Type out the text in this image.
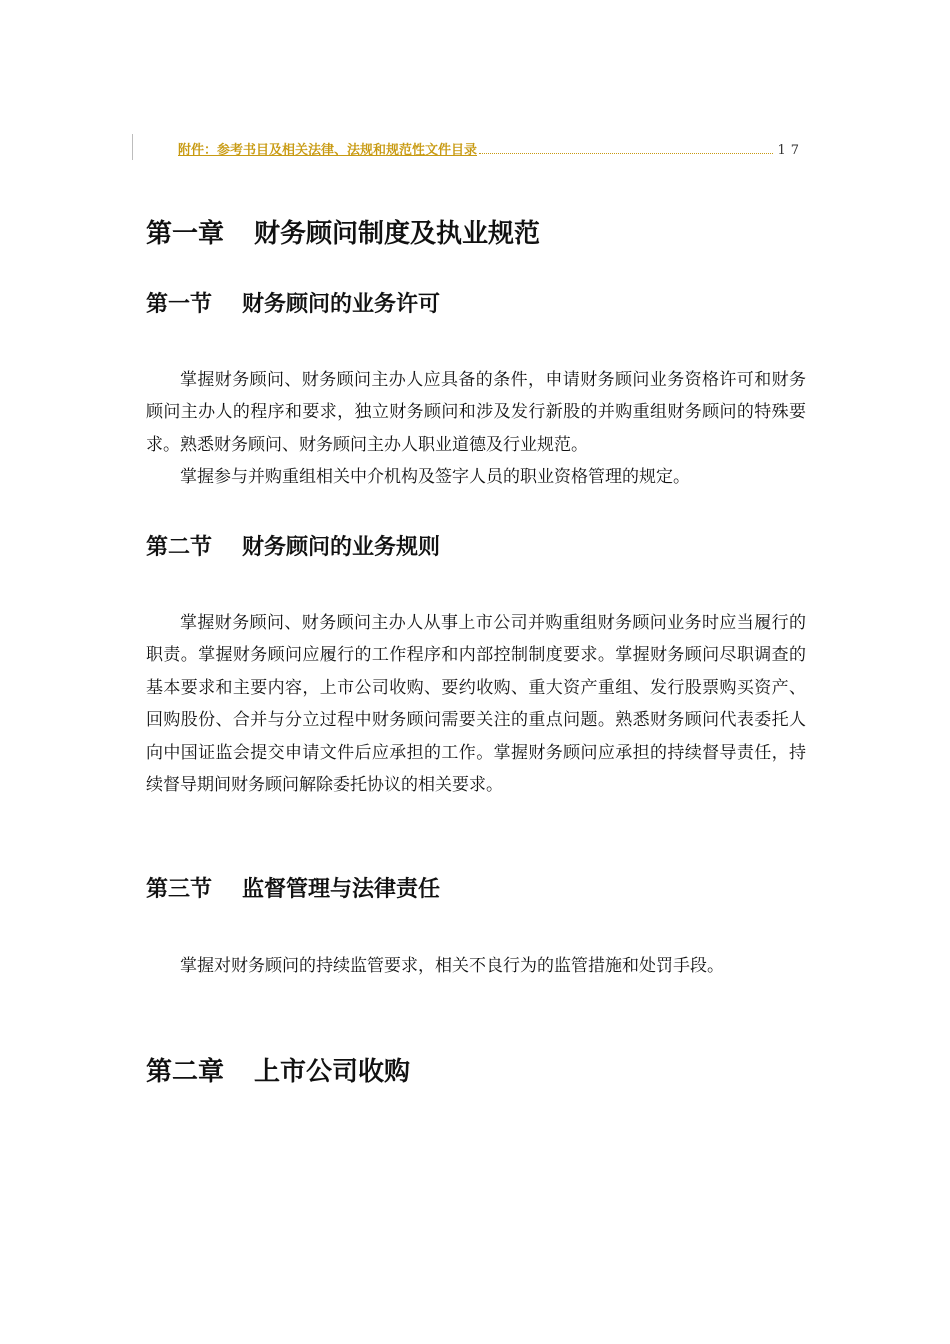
附件：参考书目及相关法律、法规和规范性文件目录	17
第一章 财务顾问制度及执业规范
第一节 财务顾问的业务许可

掌握财务顾问、财务顾问主办人应具备的条件，申请财务顾问业务资格许可和财务顾问主办人的程序和要求，独立财务顾问和涉及发行新股的并购重组财务顾问的特殊要求。熟悉财务顾问、财务顾问主办人职业道德及行业规范。

掌握参与并购重组相关中介机构及签字人员的职业资格管理的规定。

第二节 财务顾问的业务规则

掌握财务顾问、财务顾问主办人从事上市公司并购重组财务顾问业务时应当履行的职责。掌握财务顾问应履行的工作程序和内部控制制度要求。掌握财务顾问尽职调查的基本要求和主要内容，上市公司收购、要约收购、重大资产重组、发行股票购买资产、回购股份、合并与分立过程中财务顾问需要关注的重点问题。熟悉财务顾问代表委托人向中国证监会提交申请文件后应承担的工作。掌握财务顾问应承担的持续督导责任，持续督导期间财务顾问解除委托协议的相关要求。

第三节 监督管理与法律责任

掌握对财务顾问的持续监管要求，相关不良行为的监管措施和处罚手段。

第二章 上市公司收购
